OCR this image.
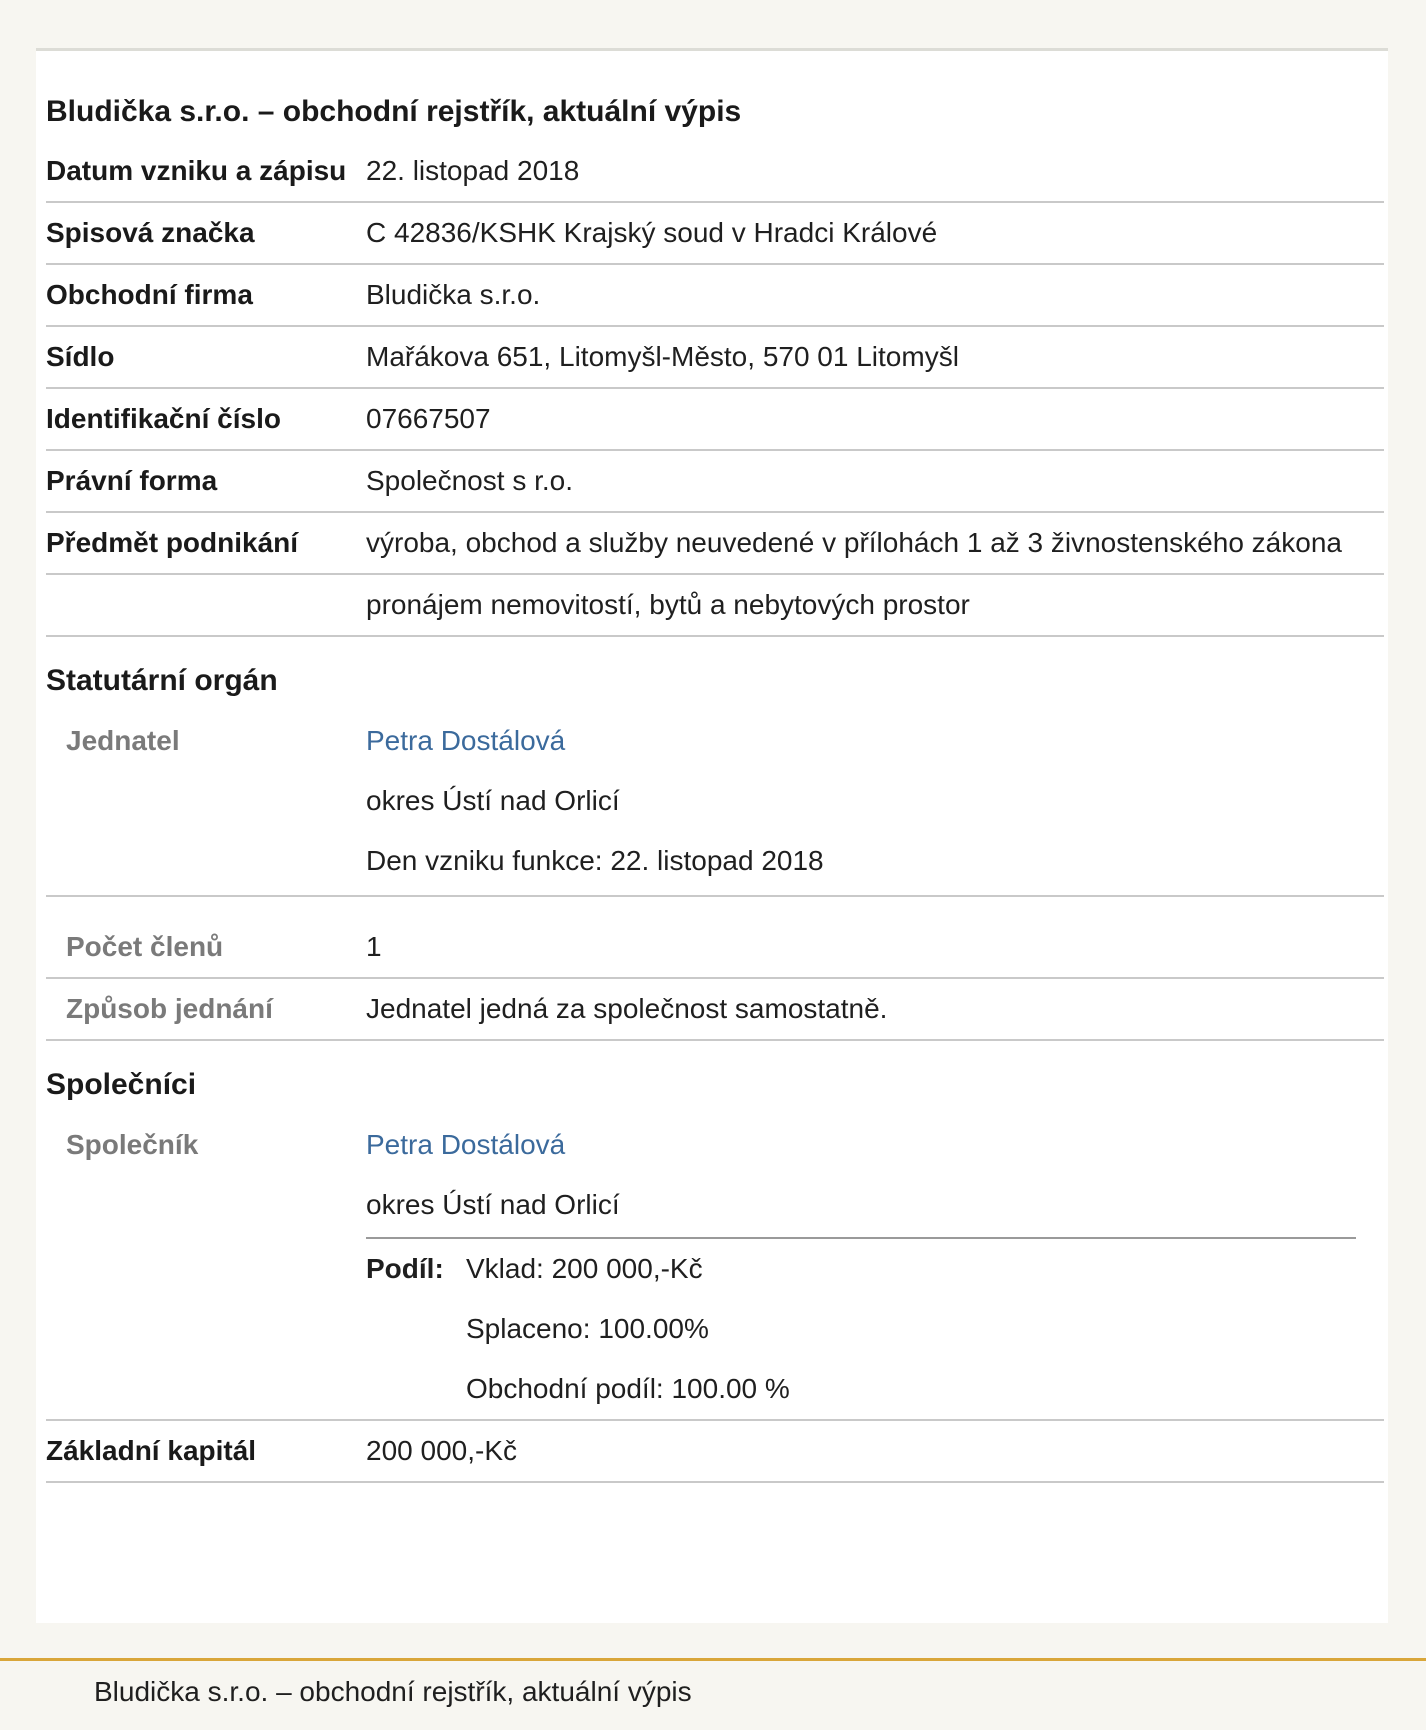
Bludička s.r.o. – obchodní rejstřík, aktuální výpis
Datum vzniku a zápisu 22. listopad 2018
Spisová značka	C 42836/KSHK Krajský soud v Hradci Králové
Obchodní firma	Bludička s.r.o.
Sídlo	Mařákova 651, Litomyšl-Město, 570 01 Litomyšl
Identifikační číslo	07667507
Právní forma	Společnost s r.o.
Předmět podnikání	výroba, obchod a služby neuvedené v přílohách 1 až 3 živnostenského zákona
pronájem nemovitostí, bytů a nebytových prostor
Statutární orgán
Jednatel	Petra Dostálová
okres Ústí nad Orlicí
Den vzniku funkce: 22. listopad 2018
Počet členů	1
Způsob jednání	Jednatel jedná za společnost samostatně.
Společníci
Společník	Petra Dostálová
okres Ústí nad Orlicí
Podíl: Vklad: 200 000,-Kč
Splaceno: 100.00%
Obchodní podíl: 100.00 %
Základní kapitál	200 000,-Kč
Bludička s.r.o. – obchodní rejstřík, aktuální výpis
